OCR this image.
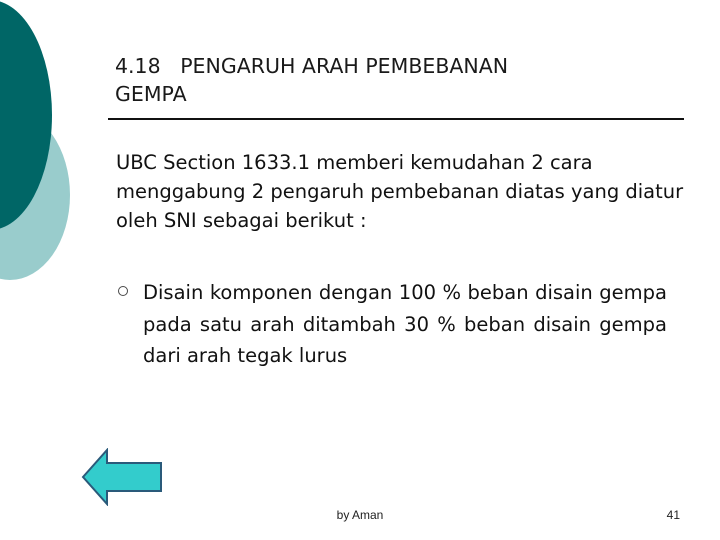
4.18   PENGARUH ARAH PEMBEBANAN
GEMPA
UBC Section 1633.1 memberi kemudahan 2 cara menggabung 2 pengaruh pembebanan diatas yang diatur oleh SNI sebagai berikut :
Disain komponen dengan 100 % beban disain gempa pada satu arah ditambah 30 % beban disain gempa dari arah tegak lurus
by Aman	41
